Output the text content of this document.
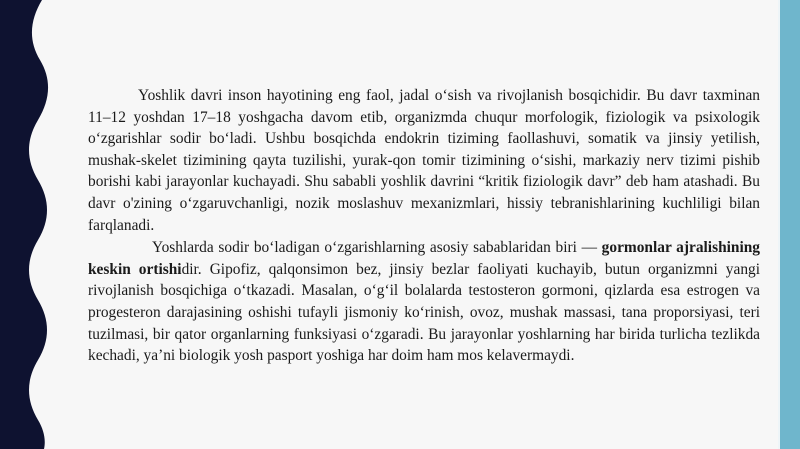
Yoshlik davri inson hayotining eng faol, jadal o‘sish va rivojlanish bosqichidir. Bu davr taxminan 11–12 yoshdan 17–18 yoshgacha davom etib, organizmda chuqur morfologik, fiziologik va psixologik o‘zgarishlar sodir bo‘ladi. Ushbu bosqichda endokrin tiziming faollashuvi, somatik va jinsiy yetilish, mushak-skelet tizimining qayta tuzilishi, yurak-qon tomir tizimining o‘sishi, markaziy nerv tizimi pishib borishi kabi jarayonlar kuchayadi. Shu sababli yoshlik davrini “kritik fiziologik davr” deb ham atashadi. Bu davr o'zining o‘zgaruvchanligi, nozik moslashuv mexanizmlari, hissiy tebranishlarining kuchliligi bilan farqlanadi.

Yoshlarda sodir bo‘ladigan o‘zgarishlarning asosiy sabablaridan biri — gormonlar ajralishining keskin ortishidir. Gipofiz, qalqonsimon bez, jinsiy bezlar faoliyati kuchayib, butun organizmni yangi rivojlanish bosqichiga o‘tkazadi. Masalan, o‘g‘il bolalarda testosteron gormoni, qizlarda esa estrogen va progesteron darajasining oshishi tufayli jismoniy ko‘rinish, ovoz, mushak massasi, tana proporsiyasi, teri tuzilmasi, bir qator organlarning funksiyasi o‘zgaradi. Bu jarayonlar yoshlarning har birida turlicha tezlikda kechadi, ya’ni biologik yosh pasport yoshiga har doim ham mos kelavermaydi.
